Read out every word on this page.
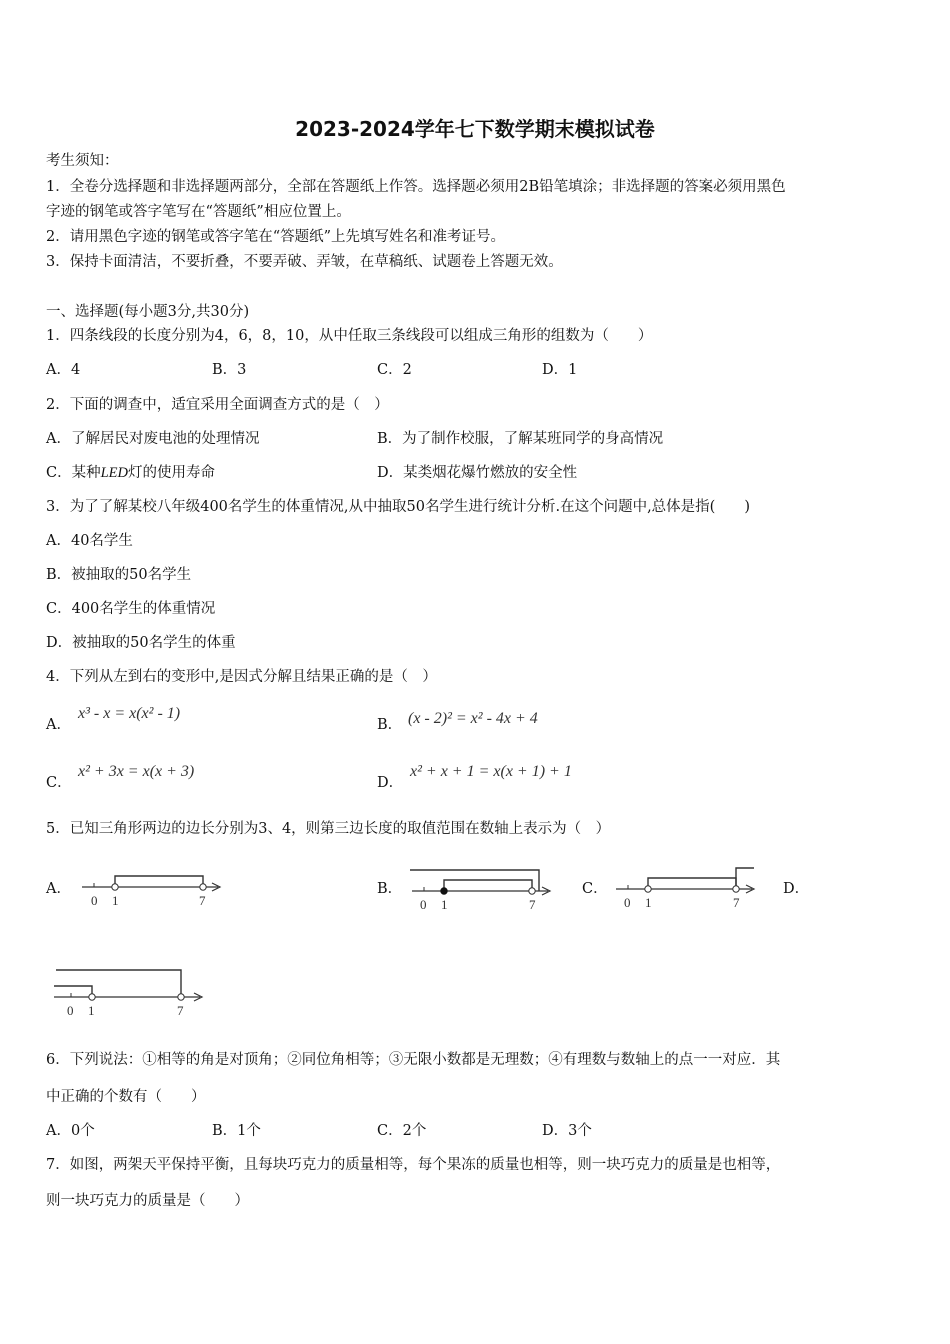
2023-2024学年七下数学期末模拟试卷
考生须知：
1．全卷分选择题和非选择题两部分，全部在答题纸上作答。选择题必须用2B铅笔填涂；非选择题的答案必须用黑色
字迹的钢笔或答字笔写在“答题纸”相应位置上。
2．请用黑色字迹的钢笔或答字笔在“答题纸”上先填写姓名和准考证号。
3．保持卡面清洁，不要折叠，不要弄破、弄皱，在草稿纸、试题卷上答题无效。
一、选择题(每小题3分,共30分)
1．四条线段的长度分别为4，6，8，10，从中任取三条线段可以组成三角形的组数为（　　）
A．4	B．3	C．2	D．1
2．下面的调查中，适宜采用全面调查方式的是（　）
A．了解居民对废电池的处理情况	B．为了制作校服，了解某班同学的身高情况
C．某种LED灯的使用寿命	D．某类烟花爆竹燃放的安全性
3．为了了解某校八年级400名学生的体重情况,从中抽取50名学生进行统计分析.在这个问题中,总体是指(　　)
A．40名学生
B．被抽取的50名学生
C．400名学生的体重情况
D．被抽取的50名学生的体重
4．下列从左到右的变形中,是因式分解且结果正确的是（　）
A．
x³ - x = x(x² - 1)
B． (x - 2)² = x² - 4x + 4
C．
x² + 3x = x(x + 3)
D．
x² + x + 1 = x(x + 1) + 1
5．已知三角形两边的边长分别为3、4，则第三边长度的取值范围在数轴上表示为（　）
A．	B．	C．	D．
0 1	7	0 1	7	0 1	7
0 1	7
6．下列说法：①相等的角是对顶角；②同位角相等；③无限小数都是无理数；④有理数与数轴上的点一一对应．其
中正确的个数有（　　）
A．0个	B．1个	C．2个	D．3个
7．如图，两架天平保持平衡，且每块巧克力的质量相等，每个果冻的质量也相等，则一块巧克力的质量是也相等，
则一块巧克力的质量是（　　）
